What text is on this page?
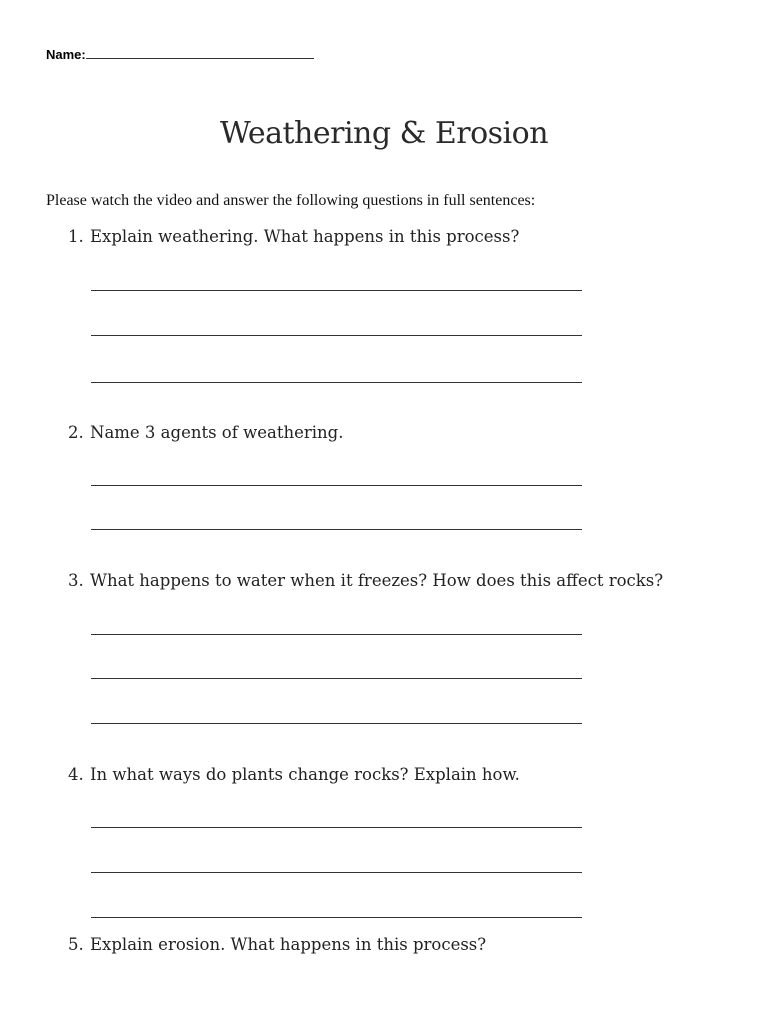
Name:
Weathering & Erosion
Please watch the video and answer the following questions in full sentences:
1. Explain weathering. What happens in this process?
2. Name 3 agents of weathering.
3. What happens to water when it freezes? How does this affect rocks?
4. In what ways do plants change rocks? Explain how.
5. Explain erosion. What happens in this process?
